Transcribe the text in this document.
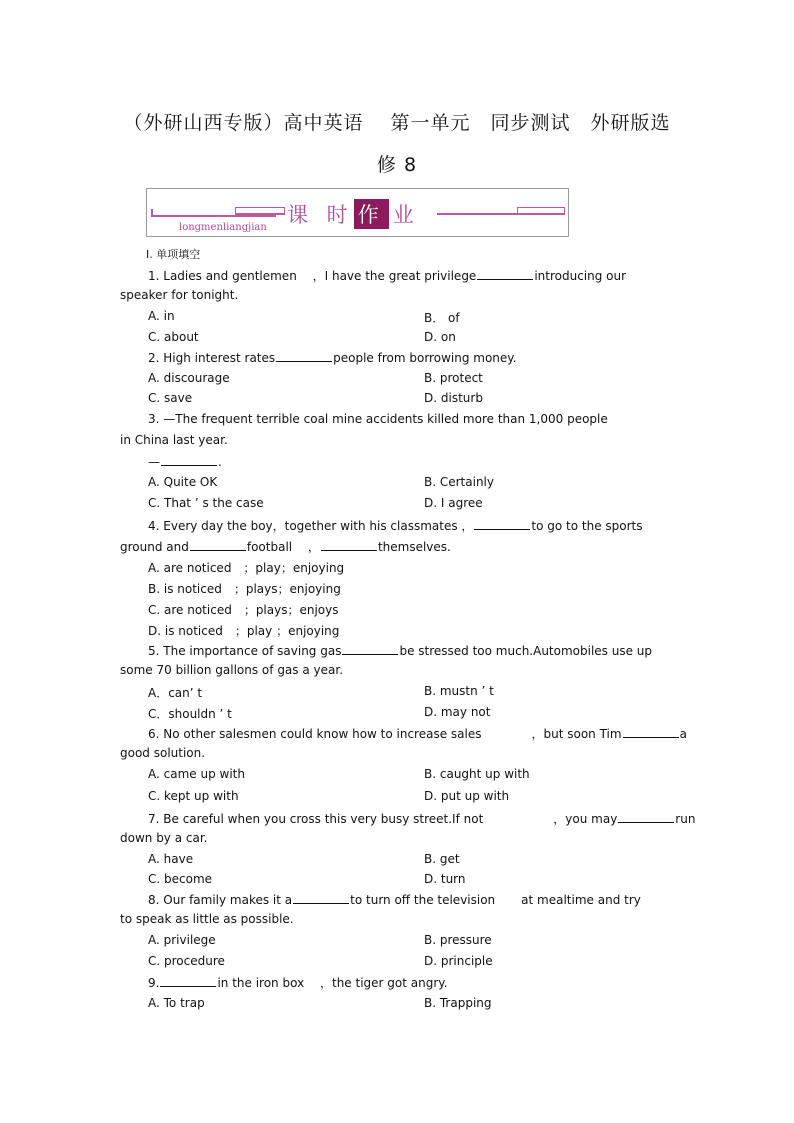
（外研山西专版）高中英语　 第一单元　同步测试　外研版选
修 8
longmenliangjian
课 时 作 业
Ⅰ. 单项填空
1. Ladies and gentlemen　 ，I have the great privilege	introducing our
speaker for tonight.
A. in	B． of
C. about	D. on
2. High interest rates	people from borrowing money.
A. discourage	B. protect
C. save	D. disturb
3. —The frequent terrible coal mine accidents killed more than 1,000 people
in China last year.
—	.
A. Quite OK	B. Certainly
C. That ’ s the case	D. I agree
4. Every day the boy，together with his classmates ，	to go to the sports
ground and	football　 ，	themselves.
A. are noticed　；play；enjoying
B. is noticed　；plays；enjoying
C. are noticed　；plays；enjoys
D. is noticed　；play ；enjoying
5. The importance of saving gas	be stressed too much.Automobiles use up
some 70 billion gallons of gas a year.
A．can’ t	B. mustn ’ t
C．shouldn ’ t	D. may not
6. No other salesmen could know how to increase sales	，but soon Tim	a
good solution.
A. came up with	B. caught up with
C. kept up with	D. put up with
7. Be careful when you cross this very busy street.If not	，you may	run
down by a car.
A. have	B. get
C. become	D. turn
8. Our family makes it a	to turn off the television at mealtime and try
to speak as little as possible.
A. privilege	B. pressure
C. procedure	D. principle
9.	in the iron box　 ，the tiger got angry.
A. To trap	B. Trapping
